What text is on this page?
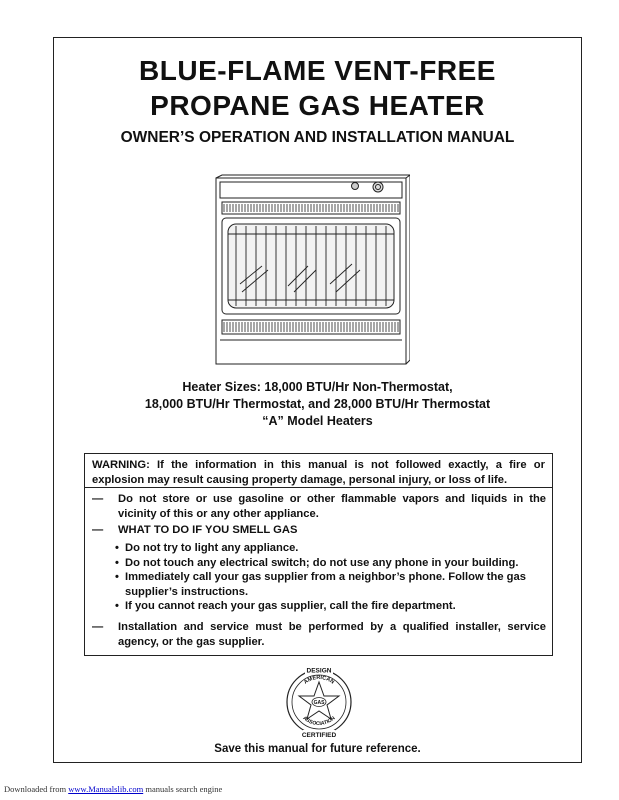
BLUE-FLAME VENT-FREE
PROPANE GAS HEATER
OWNER’S OPERATION AND INSTALLATION MANUAL
Heater Sizes: 18,000 BTU/Hr Non-Thermostat,
18,000 BTU/Hr Thermostat, and 28,000 BTU/Hr Thermostat
“A” Model Heaters
WARNING: If the information in this manual is not followed exactly, a fire or explosion may result causing property damage, personal injury, or loss of life.
— Do not store or use gasoline or other flammable vapors and liquids in the vicinity of this or any other appliance.
— WHAT TO DO IF YOU SMELL GAS
• Do not try to light any appliance.
• Do not touch any electrical switch; do not use any phone in your building.
• Immediately call your gas supplier from a neighbor’s phone. Follow the gas supplier’s instructions.
• If you cannot reach your gas supplier, call the fire department.
— Installation and service must be performed by a qualified installer, service agency, or the gas supplier.
DESIGN
CERTIFIED
AMERICAN
ASSOCIATION
GAS
Save this manual for future reference.
Downloaded from www.Manualslib.com manuals search engine
